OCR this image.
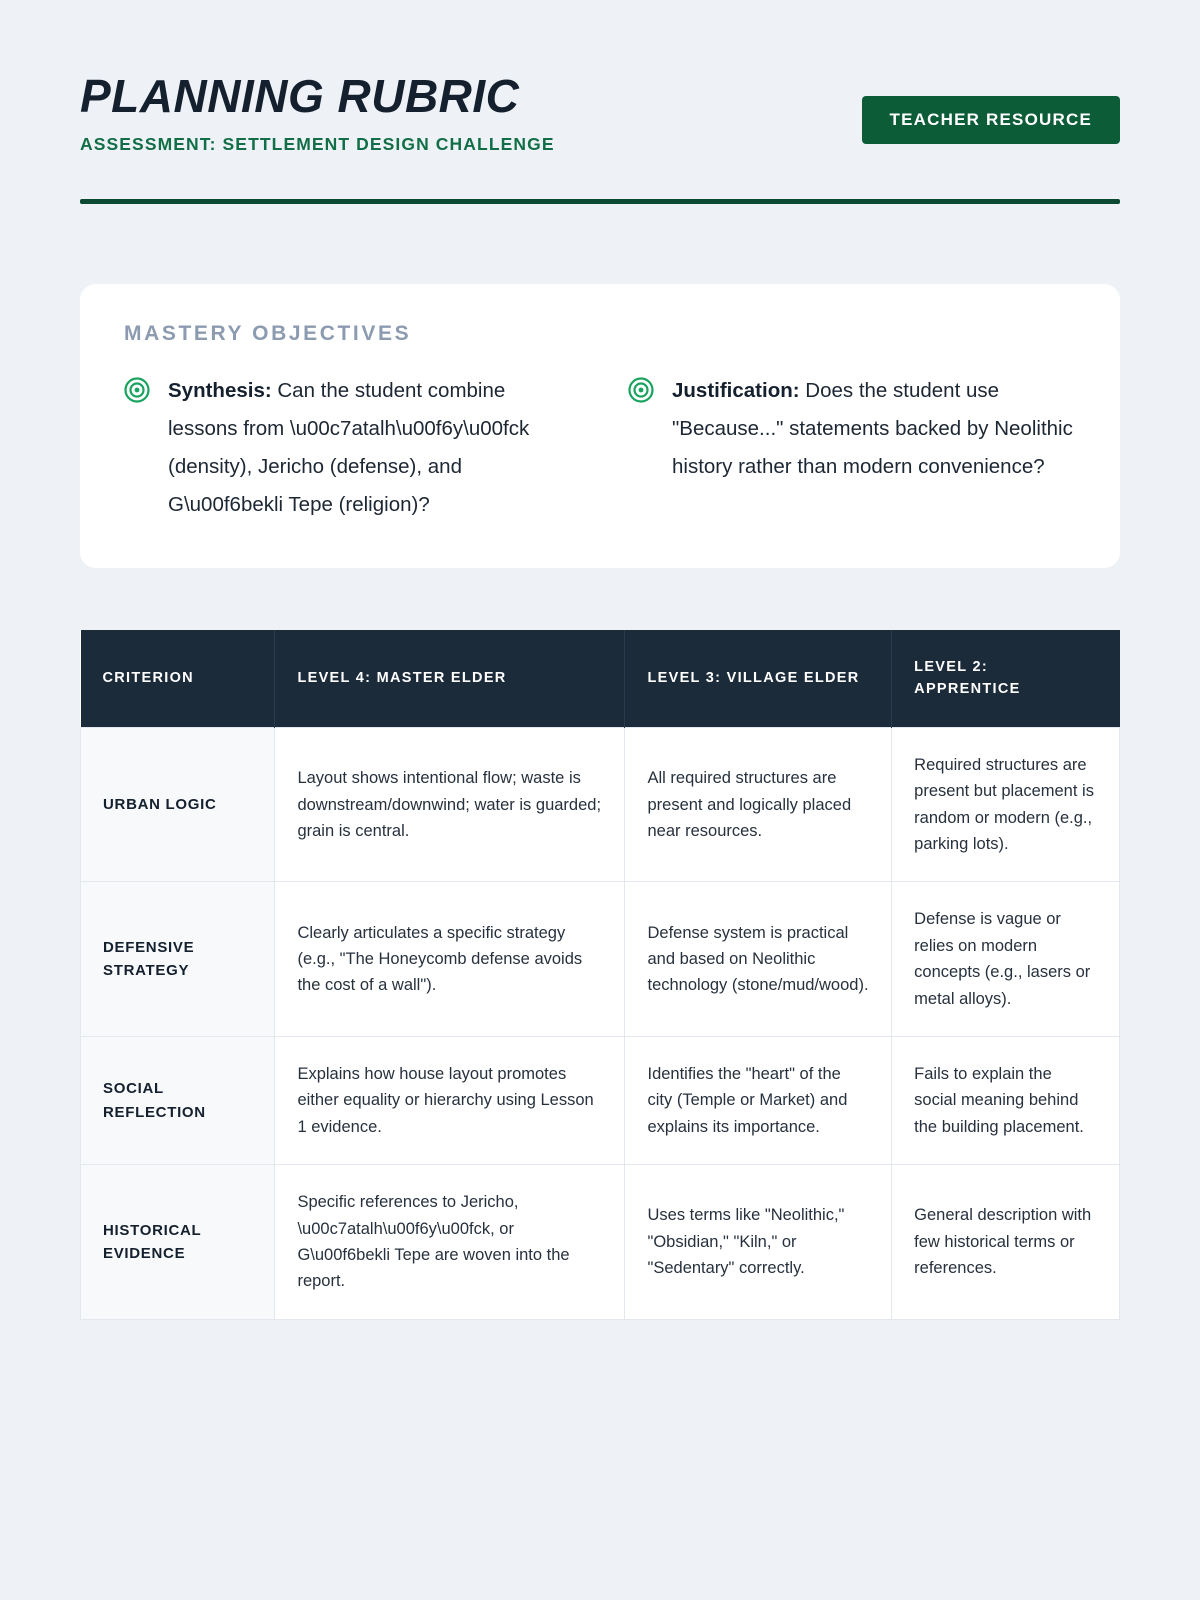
PLANNING RUBRIC
ASSESSMENT: SETTLEMENT DESIGN CHALLENGE
TEACHER RESOURCE
MASTERY OBJECTIVES
Synthesis: Can the student combine lessons from \u00c7atalh\u00f6y\u00fck (density), Jericho (defense), and G\u00f6bekli Tepe (religion)?
Justification: Does the student use "Because..." statements backed by Neolithic history rather than modern convenience?
CRITERION	LEVEL 4: MASTER ELDER	LEVEL 3: VILLAGE ELDER	LEVEL 2: APPRENTICE
URBAN LOGIC	Layout shows intentional flow; waste is downstream/downwind; water is guarded; grain is central.	All required structures are present and logically placed near resources.	Required structures are present but placement is random or modern (e.g., parking lots).
DEFENSIVE STRATEGY	Clearly articulates a specific strategy (e.g., "The Honeycomb defense avoids the cost of a wall").	Defense system is practical and based on Neolithic technology (stone/mud/wood).	Defense is vague or relies on modern concepts (e.g., lasers or metal alloys).
SOCIAL REFLECTION	Explains how house layout promotes either equality or hierarchy using Lesson 1 evidence.	Identifies the "heart" of the city (Temple or Market) and explains its importance.	Fails to explain the social meaning behind the building placement.
HISTORICAL EVIDENCE	Specific references to Jericho, \u00c7atalh\u00f6y\u00fck, or G\u00f6bekli Tepe are woven into the report.	Uses terms like "Neolithic," "Obsidian," "Kiln," or "Sedentary" correctly.	General description with few historical terms or references.
